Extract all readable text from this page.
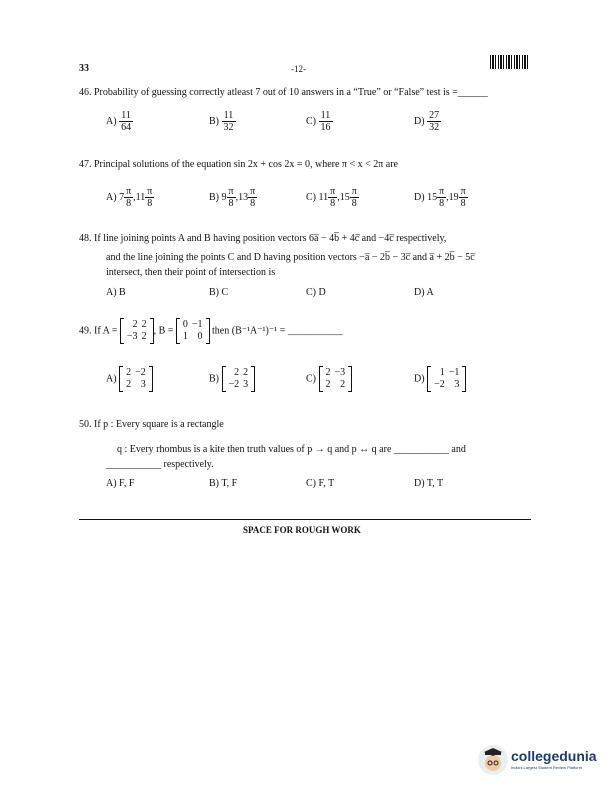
33	-12-
46. Probability of guessing correctly atleast 7 out of 10 answers in a “True” or “False” test is =______
$A) \frac{11}{64}$	$B) \frac{11}{32}$	$C) \frac{11}{16}$	$D) \frac{27}{32}$
47. Principal solutions of the equation sin 2x + cos 2x = 0, where π < x < 2π are
A) $7 \frac{\pi}{8} ,11 \frac{\pi}{8}$	B) $9 \frac{\pi}{8} ,13 \frac{\pi}{8}$	C) $11 \frac{\pi}{8} ,15 \frac{\pi}{8}$	D) $15 \frac{\pi}{8} ,19 \frac{\pi}{8}$
48. If line joining points A and B having position vectors 6a̅ − 4b̅ + 4c̅ and −4c̅ respectively,
and the line joining the points C and D having position vectors −a̅ − 2b̅ − 3c̅ and a̅ + 2b̅ − 5c̅
intersect, then their point of intersection is
A) B	B) C	C) D	D) A
49. If A =
2	2
−3	2
, B =
0	−1
1	0
then (B⁻¹A⁻¹)⁻¹ = ___________
A)
2	−2
2	3
B)
2	2
−2	3
C)
2	−3
2	2
D)
1	−1
−2	3
50. If p : Every square is a rectangle
q : Every rhombus is a kite then truth values of p → q and p ↔ q are ___________ and
___________ respectively.
A) F, F	B) T, F	C) F, T	D) T, T
SPACE FOR ROUGH WORK
collegedunia
India's Largest Student Review Platform
